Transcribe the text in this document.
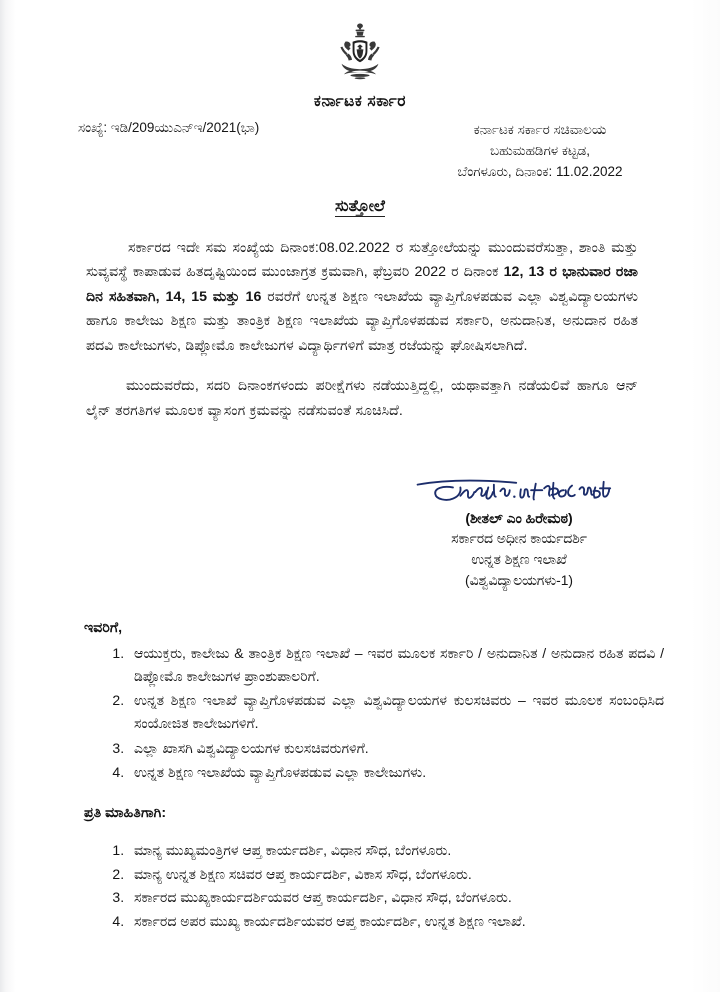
ಕರ್ನಾಟಕ ಸರ್ಕಾರ
ಸಂಖ್ಯೆ: ಇಡಿ/209ಯುಎನ್‌ಇ/2021(ಭಾ)	ಕರ್ನಾಟಕ ಸರ್ಕಾರ ಸಚಿವಾಲಯ
ಬಹುಮಹಡಿಗಳ ಕಟ್ಟಡ,
ಬೆಂಗಳೂರು, ದಿನಾಂಕ: 11.02.2022
ಸುತ್ತೋಲೆ

ಸರ್ಕಾರದ ಇದೇ ಸಮ ಸಂಖ್ಯೆಯ ದಿನಾಂಕ:08.02.2022 ರ ಸುತ್ತೋಲೆಯನ್ನು ಮುಂದುವರೆಸುತ್ತಾ, ಶಾಂತಿ ಮತ್ತು ಸುವ್ಯವಸ್ಥೆ ಕಾಪಾಡುವ ಹಿತದೃಷ್ಟಿಯಿಂದ ಮುಂಜಾಗ್ರತ ಕ್ರಮವಾಗಿ, ಫೆಬ್ರವರಿ 2022 ರ ದಿನಾಂಕ 12, 13 ರ ಭಾನುವಾರ ರಜಾ ದಿನ ಸಹಿತವಾಗಿ, 14, 15 ಮತ್ತು 16 ರವರೆಗೆ ಉನ್ನತ ಶಿಕ್ಷಣ ಇಲಾಖೆಯ ವ್ಯಾಪ್ತಿಗೊಳಪಡುವ ಎಲ್ಲಾ ವಿಶ್ವವಿದ್ಯಾಲಯಗಳು ಹಾಗೂ ಕಾಲೇಜು ಶಿಕ್ಷಣ ಮತ್ತು ತಾಂತ್ರಿಕ ಶಿಕ್ಷಣ ಇಲಾಖೆಯ ವ್ಯಾಪ್ತಿಗೊಳಪಡುವ ಸರ್ಕಾರಿ, ಅನುದಾನಿತ, ಅನುದಾನ ರಹಿತ ಪದವಿ ಕಾಲೇಜುಗಳು, ಡಿಪ್ಲೋಮೊ ಕಾಲೇಜುಗಳ ವಿದ್ಯಾರ್ಥಿಗಳಿಗೆ ಮಾತ್ರ ರಜೆಯನ್ನು ಘೋಷಿಸಲಾಗಿದೆ.

ಮುಂದುವರೆದು, ಸದರಿ ದಿನಾಂಕಗಳಂದು ಪರೀಕ್ಷೆಗಳು ನಡೆಯುತ್ತಿದ್ದಲ್ಲಿ, ಯಥಾವತ್ತಾಗಿ ನಡೆಯಲಿವೆ ಹಾಗೂ ಆನ್ ಲೈನ್ ತರಗತಿಗಳ ಮೂಲಕ ವ್ಯಾಸಂಗ ಕ್ರಮವನ್ನು ನಡೆಸುವಂತೆ ಸೂಚಿಸಿದೆ.

(ಶೀತಲ್ ಎಂ ಹಿರೇಮಠ)
ಸರ್ಕಾರದ ಅಧೀನ ಕಾರ್ಯದರ್ಶಿ
ಉನ್ನತ ಶಿಕ್ಷಣ ಇಲಾಖೆ
(ವಿಶ್ವವಿದ್ಯಾಲಯಗಳು-1)
ಇವರಿಗೆ,
1. ಆಯುಕ್ತರು, ಕಾಲೇಜು & ತಾಂತ್ರಿಕ ಶಿಕ್ಷಣ ಇಲಾಖೆ – ಇವರ ಮೂಲಕ ಸರ್ಕಾರಿ / ಅನುದಾನಿತ / ಅನುದಾನ ರಹಿತ ಪದವಿ / ಡಿಪ್ಲೋಮೊ ಕಾಲೇಜುಗಳ ಪ್ರಾಂಶುಪಾಲರಿಗೆ.
2. ಉನ್ನತ ಶಿಕ್ಷಣ ಇಲಾಖೆ ವ್ಯಾಪ್ತಿಗೊಳಪಡುವ ಎಲ್ಲಾ ವಿಶ್ವವಿದ್ಯಾಲಯಗಳ ಕುಲಸಚಿವರು – ಇವರ ಮೂಲಕ ಸಂಬಂಧಿಸಿದ ಸಂಯೋಜಿತ ಕಾಲೇಜುಗಳಿಗೆ.
3. ಎಲ್ಲಾ ಖಾಸಗಿ ವಿಶ್ವವಿದ್ಯಾಲಯಗಳ ಕುಲಸಚಿವರುಗಳಿಗೆ.
4. ಉನ್ನತ ಶಿಕ್ಷಣ ಇಲಾಖೆಯ ವ್ಯಾಪ್ತಿಗೊಳಪಡುವ ಎಲ್ಲಾ ಕಾಲೇಜುಗಳು.
ಪ್ರತಿ ಮಾಹಿತಿಗಾಗಿ:
1. ಮಾನ್ಯ ಮುಖ್ಯಮಂತ್ರಿಗಳ ಆಪ್ತ ಕಾರ್ಯದರ್ಶಿ, ವಿಧಾನ ಸೌಧ, ಬೆಂಗಳೂರು.
2. ಮಾನ್ಯ ಉನ್ನತ ಶಿಕ್ಷಣ ಸಚಿವರ ಆಪ್ತ ಕಾರ್ಯದರ್ಶಿ, ವಿಕಾಸ ಸೌಧ, ಬೆಂಗಳೂರು.
3. ಸರ್ಕಾರದ ಮುಖ್ಯಕಾರ್ಯದರ್ಶಿಯವರ ಆಪ್ತ ಕಾರ್ಯದರ್ಶಿ, ವಿಧಾನ ಸೌಧ, ಬೆಂಗಳೂರು.
4. ಸರ್ಕಾರದ ಅಪರ ಮುಖ್ಯ ಕಾರ್ಯದರ್ಶಿಯವರ ಆಪ್ತ ಕಾರ್ಯದರ್ಶಿ, ಉನ್ನತ ಶಿಕ್ಷಣ ಇಲಾಖೆ.
